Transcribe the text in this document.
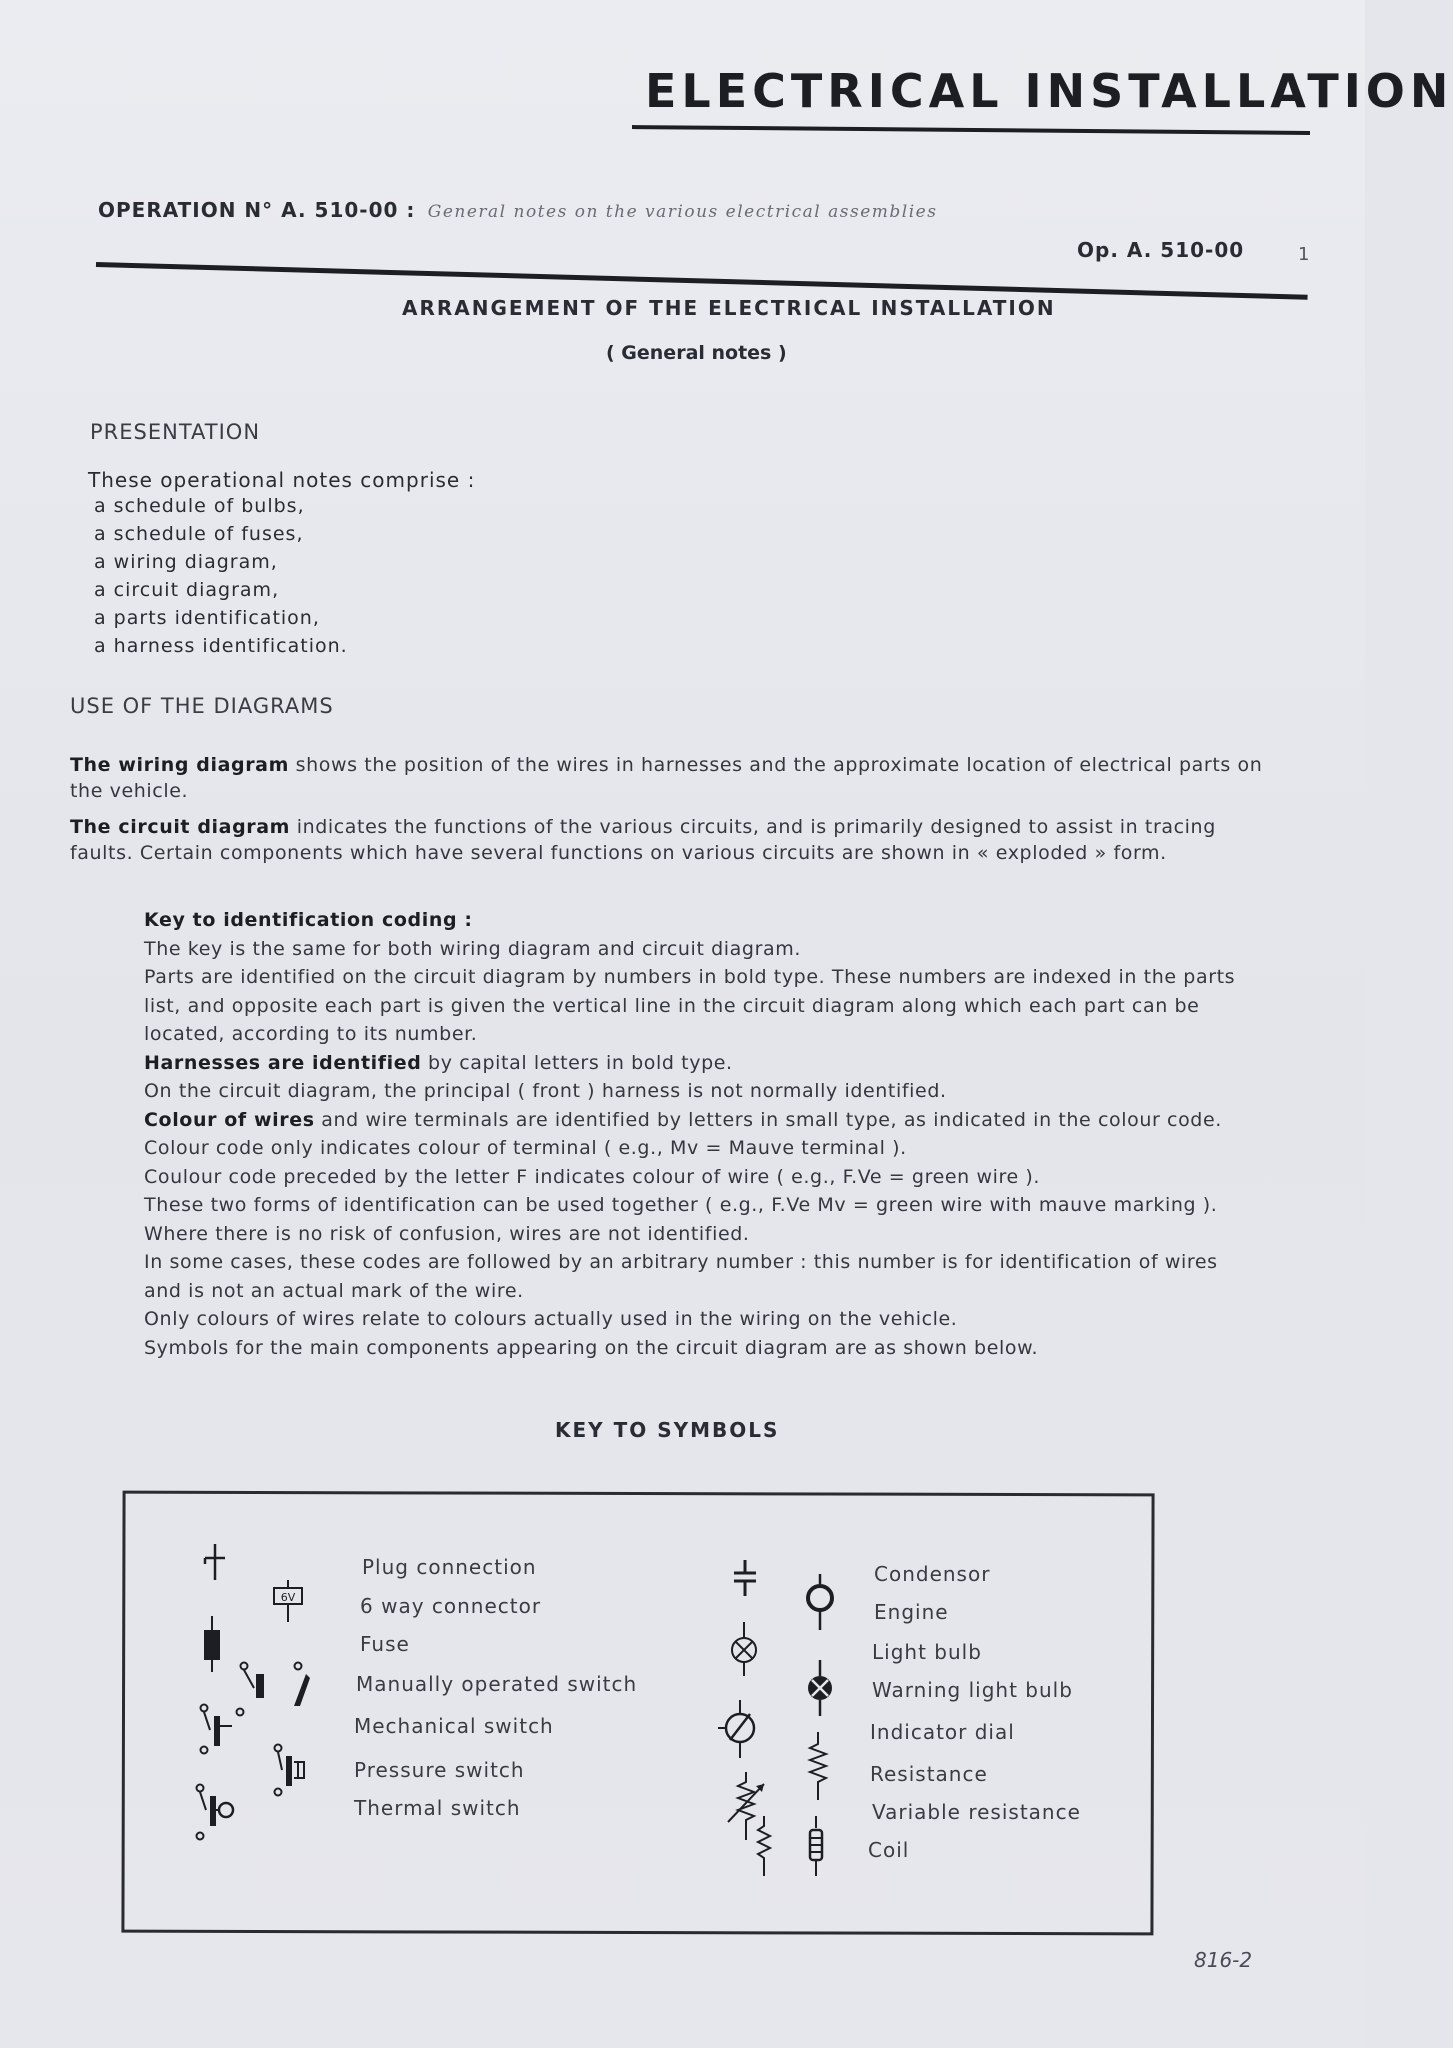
ELECTRICAL INSTALLATION
OPERATION N° A. 510-00 : General notes on the various electrical assemblies
Op. A. 510-00	1
ARRANGEMENT OF THE ELECTRICAL INSTALLATION
( General notes )
PRESENTATION
These operational notes comprise :
a schedule of bulbs,
a schedule of fuses,
a wiring diagram,
a circuit diagram,
a parts identification,
a harness identification.
USE OF THE DIAGRAMS
The wiring diagram shows the position of the wires in harnesses and the approximate location of electrical parts on the vehicle.
The circuit diagram indicates the functions of the various circuits, and is primarily designed to assist in tracing faults. Certain components which have several functions on various circuits are shown in « exploded » form.
Key to identification coding :
The key is the same for both wiring diagram and circuit diagram.
Parts are identified on the circuit diagram by numbers in bold type. These numbers are indexed in the parts
list, and opposite each part is given the vertical line in the circuit diagram along which each part can be
located, according to its number.
Harnesses are identified by capital letters in bold type.
On the circuit diagram, the principal ( front ) harness is not normally identified.
Colour of wires and wire terminals are identified by letters in small type, as indicated in the colour code.
Colour code only indicates colour of terminal ( e.g., Mv = Mauve terminal ).
Coulour code preceded by the letter F indicates colour of wire ( e.g., F.Ve = green wire ).
These two forms of identification can be used together ( e.g., F.Ve Mv = green wire with mauve marking ).
Where there is no risk of confusion, wires are not identified.
In some cases, these codes are followed by an arbitrary number : this number is for identification of wires
and is not an actual mark of the wire.
Only colours of wires relate to colours actually used in the wiring on the vehicle.
Symbols for the main components appearing on the circuit diagram are as shown below.
KEY TO SYMBOLS
6V
Plug connection
6 way connector
Fuse
Manually operated switch
Mechanical switch
Pressure switch
Thermal switch
Condensor
Engine
Light bulb
Warning light bulb
Indicator dial
Resistance
Variable resistance
Coil
816-2
